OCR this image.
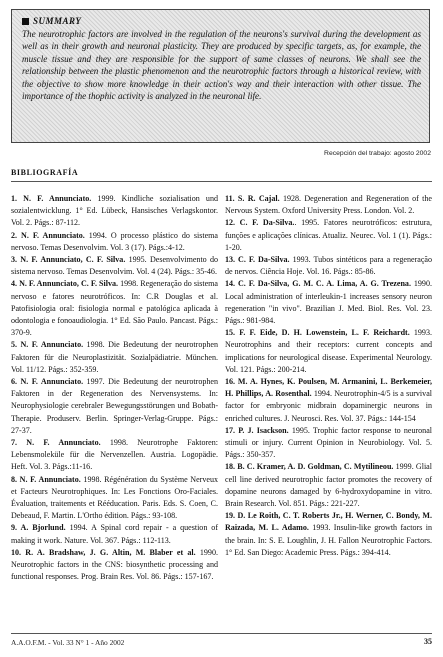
SUMMARY

The neurotrophic factors are involved in the regulation of the neurons's survival during the development as well as in their growth and neuronal plasticity. They are produced by specific targets, as, for example, the muscle tissue and they are responsible for the support of same classes of neurons. We shall see the relationship between the plastic phenomenon and the neurotrophic factors through a historical review, with the objective to show more knowledge in their action's way and their interaction with other tissue. The importance of the thophic activity is analyzed in the neuronal life.

Recepción del trabajo: agosto 2002
BIBLIOGRAFÍA

1. N. F. Annunciato. 1999. Kindliche sozialisation und sozialentwicklung. 1° Ed. Lübeck, Hansisches Verlagskontor. Vol. 2. Págs.: 87-112.

2. N. F. Annunciato. 1994. O processo plástico do sistema nervoso. Temas Desenvolvim. Vol. 3 (17). Págs.:4-12.

3. N. F. Annunciato, C. F. Silva. 1995. Desenvolvimento do sistema nervoso. Temas Desenvolvim. Vol. 4 (24). Págs.: 35-46.

4. N. F. Annunciato, C. F. Silva. 1998. Regeneração do sistema nervoso e fatores neurotróficos. In: C.R Douglas et al. Patofisiologia oral: fisiologia normal e patológica aplicada à odontologia e fonoaudiologia. 1° Ed. São Paulo. Pancast. Págs.: 370-9.

5. N. F. Annunciato. 1998. Die Bedeutung der neurotrophen Faktoren für die Neuroplastizität. Sozialpädiatrie. München. Vol. 11/12. Págs.: 352-359.

6. N. F. Annunciato. 1997. Die Bedeutung der neurotrophen Faktoren in der Regeneration des Nervensystems. In: Neurophysiologie cerebraler Bewegungsstörungen und Bobath-Therapie. Produserv. Berlin. Springer-Verlag-Gruppe. Págs.: 27-37.

7. N. F. Annunciato. 1998. Neurotrophe Faktoren: Lebensmoleküle für die Nervenzellen. Austria. Logopädie. Heft. Vol. 3. Págs.:11-16.

8. N. F. Annunciato. 1998. Régénération du Système Nerveux et Facteurs Neurotrophiques. In: Les Fonctions Oro-Faciales. Évaluation, traitements et Rééducation. Paris. Eds. S. Coen, C. Debeaud, F. Martin. L'Ortho édition. Págs.: 93-108.

9. A. Bjorlund. 1994. A Spinal cord repair - a question of making it work. Nature. Vol. 367. Págs.: 112-113.

10. R. A. Bradshaw, J. G. Altin, M. Blaber et al. 1990. Neurotrophic factors in the CNS: biosynthetic processing and functional responses. Prog. Brain Res. Vol. 86. Págs.: 157-167.

11. S. R. Cajal. 1928. Degeneration and Regeneration of the Nervous System. Oxford University Press. London. Vol. 2.

12. C. F. Da-Silva.. 1995. Fatores neurotróficos: estrutura, funções e aplicações clínicas. Atualiz. Neurec. Vol. 1 (1). Págs.: 1-20.

13. C. F. Da-Silva. 1993. Tubos sintéticos para a regeneração de nervos. Ciência Hoje. Vol. 16. Págs.: 85-86.

14. C. F. Da-Silva, G. M. C. A. Lima, A. G. Trezena. 1990. Local administration of interleukin-1 increases sensory neuron regeneration "in vivo". Brazilian J. Med. Biol. Res. Vol. 23. Págs.: 981-984.

15. F. F. Eide, D. H. Lowenstein, L. F. Reichardt. 1993. Neurotrophins and their receptors: current concepts and implications for neurological disease. Experimental Neurology. Vol. 121. Págs.: 200-214.

16. M. A. Hynes, K. Poulsen, M. Armanini, L. Berkemeier, H. Phillips, A. Rosenthal. 1994. Neurotrophin-4/5 is a survival factor for embryonic midbrain dopaminergic neurons in enriched cultures. J. Neurosci. Res. Vol. 37. Págs.: 144-154

17. P. J. Isackson. 1995. Trophic factor response to neuronal stimuli or injury. Current Opinion in Neurobiology. Vol. 5. Págs.: 350-357.

18. B. C. Kramer, A. D. Goldman, C. Mytilineou. 1999. Glial cell line derived neurotrophic factor promotes the recovery of dopamine neurons damaged by 6-hydroxydopamine in vitro. Brain Research. Vol. 851. Págs.: 221-227.

19. D. Le Roith, C. T. Roberts Jr., H. Werner, C. Bondy, M. Raizada, M. L. Adamo. 1993. Insulin-like growth factors in the brain. In: S. E. Loughlin, J. H. Fallon Neurotrophic Factors. 1° Ed. San Diego: Academic Press. Págs.: 394-414.

A.A.O.F.M. - Vol. 33 N° 1 - Año 2002	35
